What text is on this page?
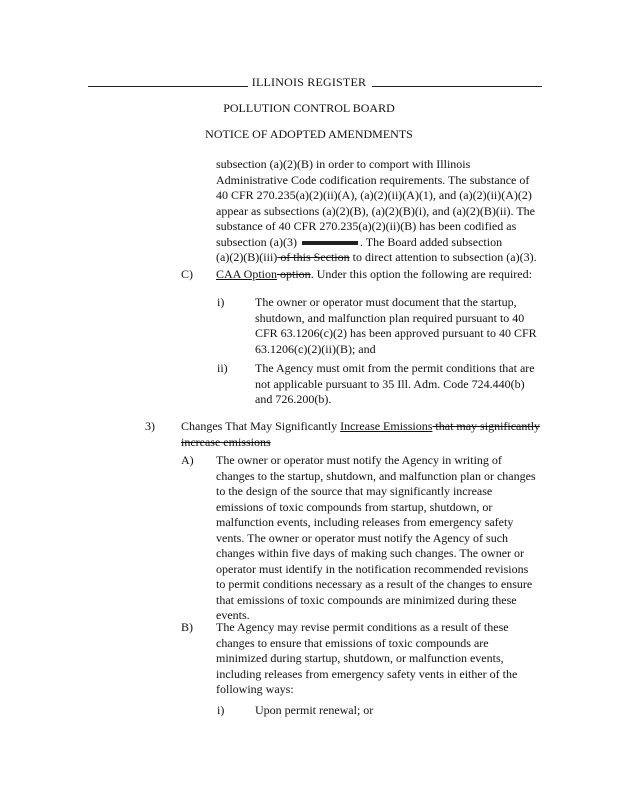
ILLINOIS REGISTER
POLLUTION CONTROL BOARD
NOTICE OF ADOPTED AMENDMENTS
subsection (a)(2)(B) in order to comport with Illinois
Administrative Code codification requirements. The substance of
40 CFR 270.235(a)(2)(ii)(A), (a)(2)(ii)(A)(1), and (a)(2)(ii)(A)(2)
appear as subsections (a)(2)(B), (a)(2)(B)(i), and (a)(2)(B)(ii). The
substance of 40 CFR 270.235(a)(2)(ii)(B) has been codified as
subsection (a)(3)	. The Board added subsection
(a)(2)(B)(iii) of this Section to direct attention to subsection (a)(3).
C) CAA Option option. Under this option the following are required:
i)	The owner or operator must document that the startup,
shutdown, and malfunction plan required pursuant to 40
CFR 63.1206(c)(2) has been approved pursuant to 40 CFR
63.1206(c)(2)(ii)(B); and
ii) The Agency must omit from the permit conditions that are
not applicable pursuant to 35 Ill. Adm. Code 724.440(b)
and 726.200(b).
3) Changes That May Significantly Increase Emissions that may significantly
increase emissions
A) The owner or operator must notify the Agency in writing of
changes to the startup, shutdown, and malfunction plan or changes
to the design of the source that may significantly increase
emissions of toxic compounds from startup, shutdown, or
malfunction events, including releases from emergency safety
vents. The owner or operator must notify the Agency of such
changes within five days of making such changes. The owner or
operator must identify in the notification recommended revisions
to permit conditions necessary as a result of the changes to ensure
that emissions of toxic compounds are minimized during these
events.
B) The Agency may revise permit conditions as a result of these
changes to ensure that emissions of toxic compounds are
minimized during startup, shutdown, or malfunction events,
including releases from emergency safety vents in either of the
following ways:
i)	Upon permit renewal; or
